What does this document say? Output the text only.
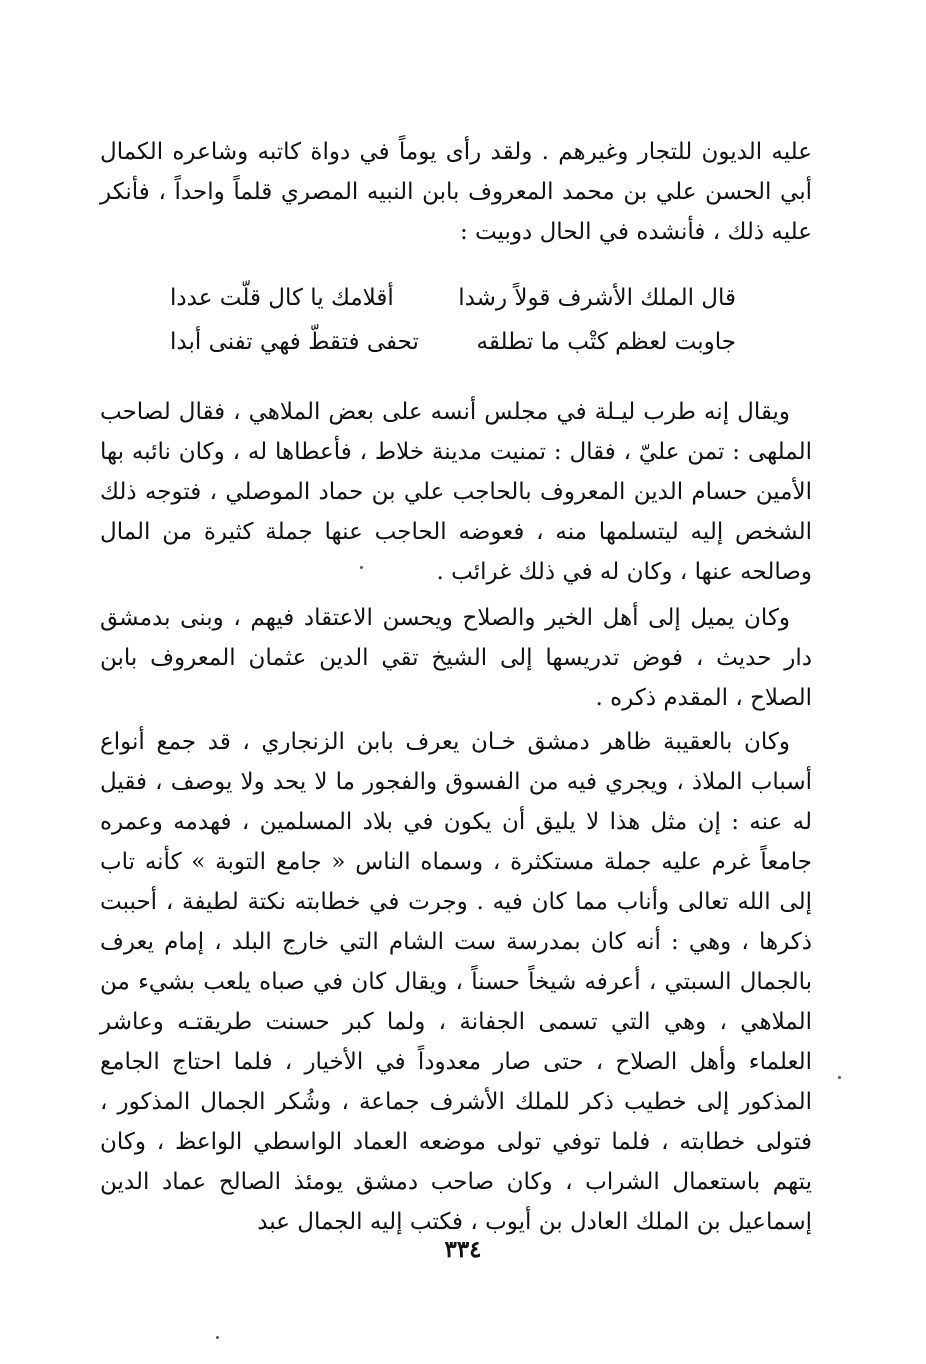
عليه الديون للتجار وغيرهم . ولقد رأى يوماً في دواة كاتبه وشاعره الكمال أبي الحسن علي بن محمد المعروف بابن النبيه المصري قلماً واحداً ، فأنكر عليه ذلك ، فأنشده في الحال دوبيت :

قال الملك الأشرف قولاً رشدا
أقلامك يا كال قلّت عددا
جاوبت لعظم كتْب ما تطلقه
تحفى فتقطّ فهي تفنى أبدا

ويقال إنه طرب ليـلة في مجلس أنسه على بعض الملاهي ، فقال لصاحب الملهى : تمن عليّ ، فقال : تمنيت مدينة خلاط ، فأعطاها له ، وكان نائبه بها الأمين حسام الدين المعروف بالحاجب علي بن حماد الموصلي ، فتوجه ذلك الشخص إليه ليتسلمها منه ، فعوضه الحاجب عنها جملة كثيرة من المال وصالحه عنها ، وكان له في ذلك غرائب .

وكان يميل إلى أهل الخير والصلاح ويحسن الاعتقاد فيهم ، وبنى بدمشق دار حديث ، فوض تدريسها إلى الشيخ تقي الدين عثمان المعروف بابن الصلاح ، المقدم ذكره .

وكان بالعقيبة ظاهر دمشق خـان يعرف بابن الزنجاري ، قد جمع أنواع أسباب الملاذ ، ويجري فيه من الفسوق والفجور ما لا يحد ولا يوصف ، فقيل له عنه : إن مثل هذا لا يليق أن يكون في بلاد المسلمين ، فهدمه وعمره جامعاً غرم عليه جملة مستكثرة ، وسماه الناس « جامع التوبة » كأنه تاب إلى الله تعالى وأناب مما كان فيه . وجرت في خطابته نكتة لطيفة ، أحببت ذكرها ، وهي : أنه كان بمدرسة ست الشام التي خارج البلد ، إمام يعرف بالجمال السبتي ، أعرفه شيخاً حسناً ، ويقال كان في صباه يلعب بشيء من الملاهي ، وهي التي تسمى الجفانة ، ولما كبر حسنت طريقتـه وعاشر العلماء وأهل الصلاح ، حتى صار معدوداً في الأخيار ، فلما احتاج الجامع المذكور إلى خطيب ذكر للملك الأشرف جماعة ، وشُكر الجمال المذكور ، فتولى خطابته ، فلما توفي تولى موضعه العماد الواسطي الواعظ ، وكان يتهم باستعمال الشراب ، وكان صاحب دمشق يومئذ الصالح عماد الدين إسماعيل بن الملك العادل بن أيوب ، فكتب إليه الجمال عبد

٣٣٤
